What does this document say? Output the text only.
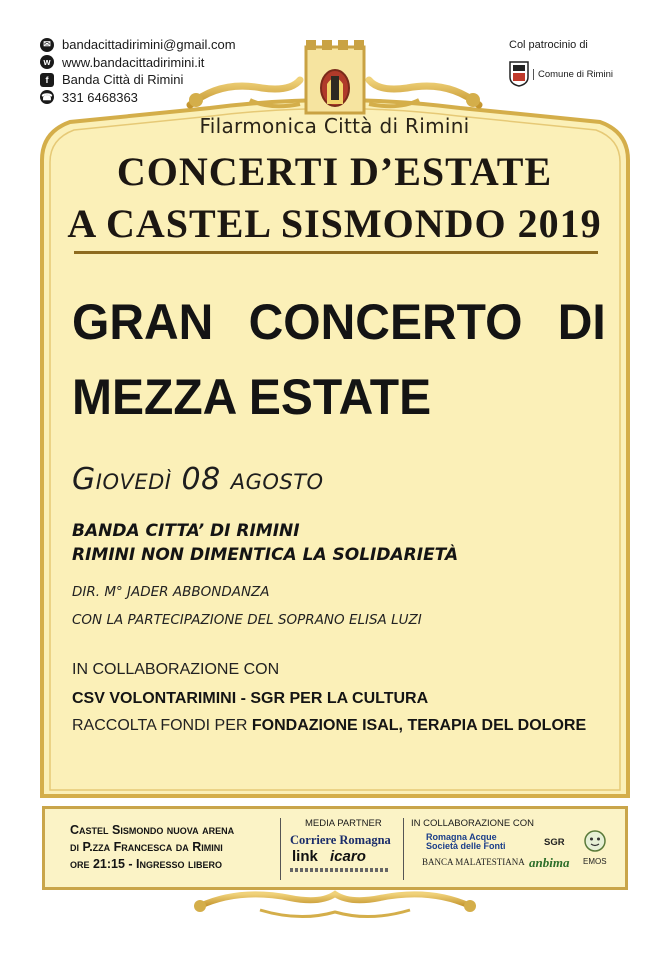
✉ bandacittadirimini@gmail.com
w www.bandacittadirimini.it
f	Banda Città di Rimini
☎ 331 6468363
Col patrocinio di
Comune di Rimini
Filarmonica Città di Rimini
CONCERTI D’ESTATE
A CASTEL SISMONDO 2019
GRAN CONCERTO DI
MEZZA ESTATE
Giovedì 08 agosto
BANDA CITTA’ DI RIMINI
RIMINI NON DIMENTICA LA SOLIDARIETÀ
DIR. M° JADER ABBONDANZA
CON LA PARTECIPAZIONE DEL SOPRANO ELISA LUZI
IN COLLABORAZIONE CON
CSV VOLONTARIMINI - SGR PER LA CULTURA
RACCOLTA FONDI PER FONDAZIONE ISAL, TERAPIA DEL DOLORE
Castel Sismondo nuova arena
di P.zza Francesca da Rimini
ore 21:15 - Ingresso libero
MEDIA PARTNER
Corriere Romagna
link icaro
IN COLLABORAZIONE CON
Romagna Acque
Società delle Fonti
BANCA MALATESTIANA
SGR
anbima EMOS
